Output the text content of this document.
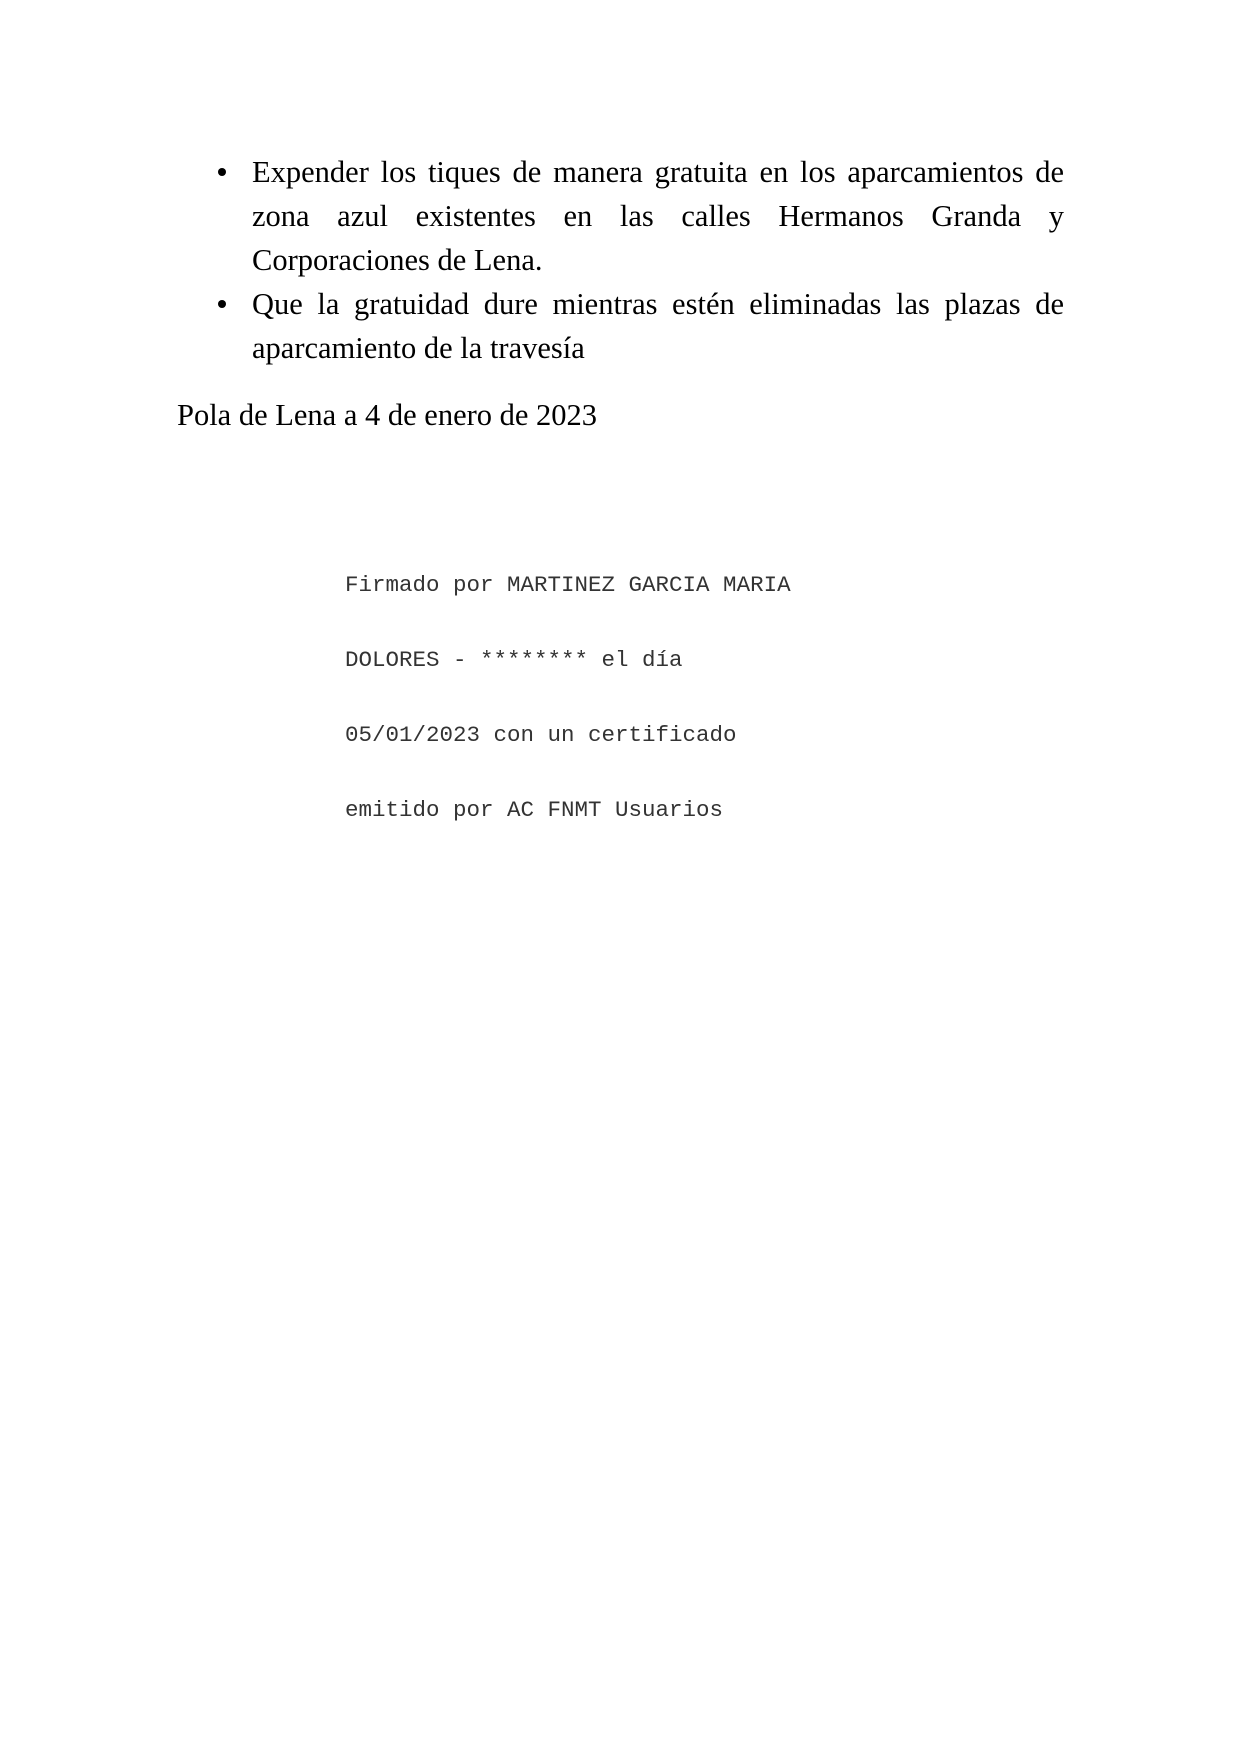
Expender los tiques de manera gratuita en los aparcamientos de zona azul existentes en las calles Hermanos Granda y Corporaciones de Lena.
Que la gratuidad dure mientras estén eliminadas las plazas de aparcamiento de la travesía

Pola de Lena a 4 de enero de 2023

Firmado por MARTINEZ GARCIA MARIA

DOLORES - ******** el día

05/01/2023 con un certificado

emitido por AC FNMT Usuarios
